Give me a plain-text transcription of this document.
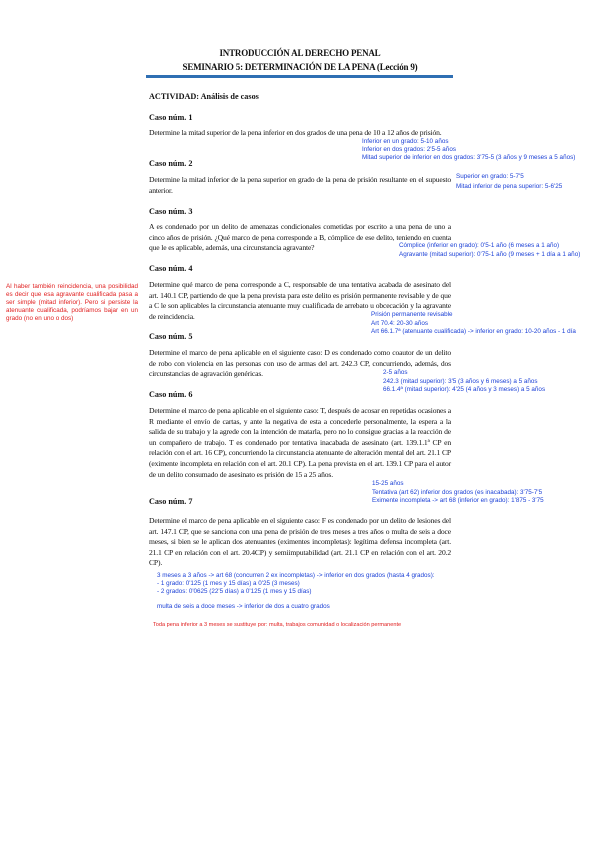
INTRODUCCIÓN AL DERECHO PENAL
SEMINARIO 5: DETERMINACIÓN DE LA PENA (Lección 9)
ACTIVIDAD: Análisis de casos
Caso núm. 1
Determine la mitad superior de la pena inferior en dos grados de una pena de 10 a 12 años de prisión.
Inferior en un grado: 5-10 años
Inferior en dos grados: 2'5-5 años
Mitad superior de inferior en dos grados: 3'75-5 (3 años y 9 meses a 5 años)
Caso núm. 2
Determine la mitad inferior de la pena superior en grado de la pena de prisión resultante en el supuesto anterior.
Superior en grado: 5-7'5
Mitad inferior de pena superior: 5-6'25
Caso núm. 3
A es condenado por un delito de amenazas condicionales cometidas por escrito a una pena de uno a cinco años de prisión. ¿Qué marco de pena corresponde a B, cómplice de ese delito, teniendo en cuenta que le es aplicable, además, una circunstancia agravante?	Cómplice (inferior en grado): 0'5-1 año (6 meses a 1 año)
Agravante (mitad superior): 0'75-1 año (9 meses + 1 día a 1 año)
Caso núm. 4
Determine qué marco de pena corresponde a C, responsable de una tentativa acabada de asesinato del art. 140.1 CP, partiendo de que la pena prevista para este delito es prisión permanente revisable y de que a C le son aplicables la circunstancia atenuante muy cualificada de arrebato u obcecación y la agravante de reincidencia.
Al haber también reincidencia, una posibilidad es decir que esa agravante cualificada pasa a ser simple (mitad inferior). Pero si persiste la atenuante cualificada, podríamos bajar en un grado (no en uno o dos)
Prisión permanente revisable
Art 70.4: 20-30 años
Art 66.1.7ª (atenuante cualificada) -> inferior en grado: 10-20 años - 1 día
Caso núm. 5
Determine el marco de pena aplicable en el siguiente caso: D es condenado como coautor de un delito de robo con violencia en las personas con uso de armas del art. 242.3 CP, concurriendo, además, dos circunstancias de agravación genéricas.	2-5 años
242.3 (mitad superior): 3'5 (3 años y 6 meses) a 5 años
66.1.4ª (mitad superior): 4'25 (4 años y 3 meses) a 5 años
Caso núm. 6
Determine el marco de pena aplicable en el siguiente caso: T, después de acosar en repetidas ocasiones a R mediante el envío de cartas, y ante la negativa de esta a concederle personalmente, la espera a la salida de su trabajo y la agrede con la intención de matarla, pero no lo consigue gracias a la reacción de un compañero de trabajo. T es condenado por tentativa inacabada de asesinato (art. 139.1.1ª CP en relación con el art. 16 CP), concurriendo la circunstancia atenuante de alteración mental del art. 21.1 CP (eximente incompleta en relación con el art. 20.1 CP). La pena prevista en el art. 139.1 CP para el autor de un delito consumado de asesinato es prisión de 15 a 25 años.
15-25 años
Tentativa (art 62) inferior dos grados (es inacabada): 3'75-7'5
Eximente incompleta -> art 68 (inferior en grado): 1'875 - 3'75
Caso núm. 7
Determine el marco de pena aplicable en el siguiente caso: F es condenado por un delito de lesiones del art. 147.1 CP, que se sanciona con una pena de prisión de tres meses a tres años o multa de seis a doce meses, si bien se le aplican dos atenuantes (eximentes incompletas): legítima defensa incompleta (art. 21.1 CP en relación con el art. 20.4CP) y semiimputabilidad (art. 21.1 CP en relación con el art. 20.2 CP).
3 meses a 3 años -> art 68 (concurren 2 ex incompletas) -> inferior en dos grados (hasta 4 grados):
- 1 grado: 0'125 (1 mes y 15 días) a 0'25 (3 meses)
- 2 grados: 0'0625 (22'5 días) a 0'125 (1 mes y 15 días)
multa de seis a doce meses -> inferior de dos a cuatro grados
Toda pena inferior a 3 meses se sustituye por: multa, trabajos comunidad o localización permanente
